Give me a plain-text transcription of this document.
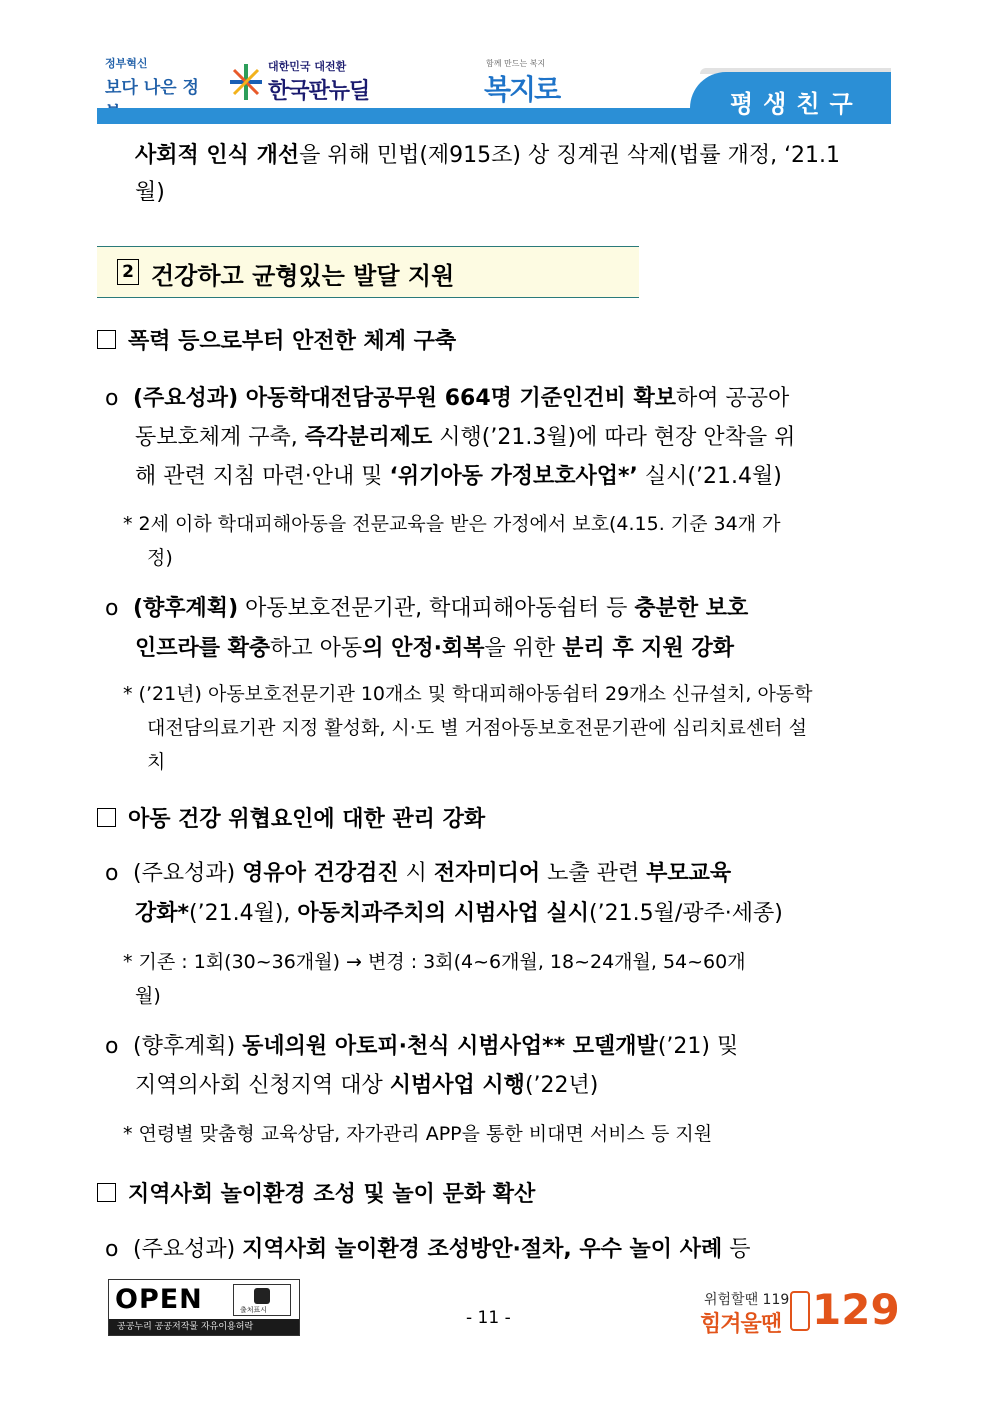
정부혁신
보다 나은 정
대한민국 대전환
한국판뉴딜
함께 만드는 복지
복지로	평생친구
사회적 인식 개선을 위해 민법(제915조) 상 징계권 삭제(법률 개정, ‘21.1
월)
2 건강하고 균형있는 발달 지원
폭력 등으로부터 안전한 체계 구축
o (주요성과) 아동학대전담공무원 664명 기준인건비 확보하여 공공아
동보호체계 구축, 즉각분리제도 시행(’21.3월)에 따라 현장 안착을 위
해 관련 지침 마련·안내 및 ‘위기아동 가정보호사업*’ 실시(’21.4월)
* 2세 이하 학대피해아동을 전문교육을 받은 가정에서 보호(4.15. 기준 34개 가
정)
o (향후계획) 아동보호전문기관, 학대피해아동쉼터 등 충분한 보호
인프라를 확충하고 아동의 안정·회복을 위한 분리 후 지원 강화
* (’21년) 아동보호전문기관 10개소 및 학대피해아동쉼터 29개소 신규설치, 아동학
대전담의료기관 지정 활성화, 시·도 별 거점아동보호전문기관에 심리치료센터 설
치
아동 건강 위협요인에 대한 관리 강화
o (주요성과) 영유아 건강검진 시 전자미디어 노출 관련 부모교육
강화*(’21.4월), 아동치과주치의 시범사업 실시(’21.5월/광주·세종)
* 기존 : 1회(30~36개월) → 변경 : 3회(4~6개월, 18~24개월, 54~60개
월)
o (향후계획) 동네의원 아토피·천식 시범사업** 모델개발(’21) 및
지역의사회 신청지역 대상 시범사업 시행(’22년)
* 연령별 맞춤형 교육상담, 자가관리 APP을 통한 비대면 서비스 등 지원
지역사회 놀이환경 조성 및 놀이 문화 확산
o (주요성과) 지역사회 놀이환경 조성방안·절차, 우수 놀이 사례 등
OPEN	출처표시
공공누리 공공저작물 자유이용허락	- 11 -
위험할땐 119
힘겨울땐 129
